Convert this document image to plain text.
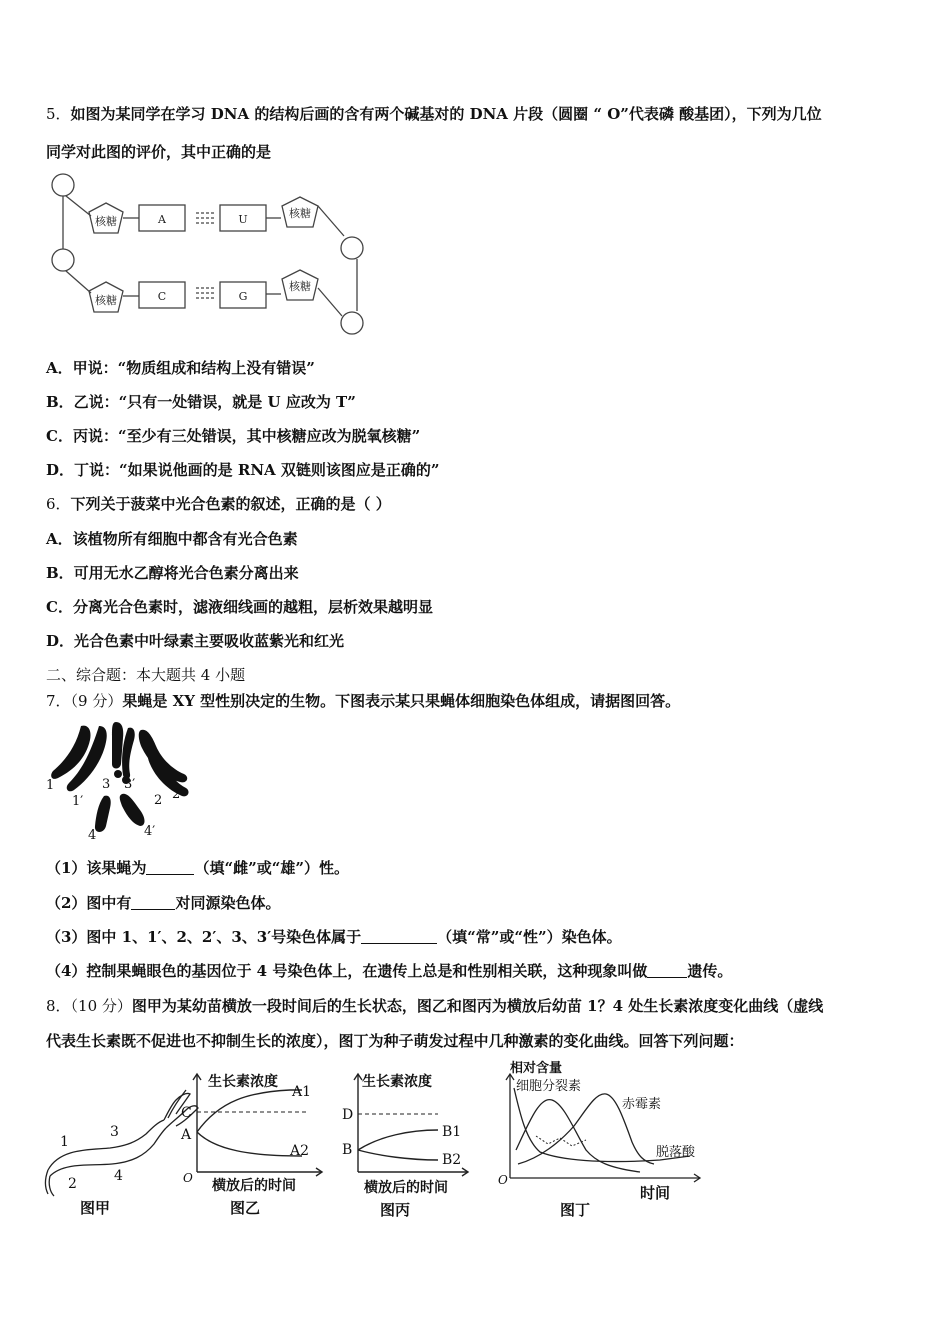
5．如图为某同学在学习 DNA 的结构后画的含有两个碱基对的 DNA 片段（圆圈 “ O”代表磷 酸基团），下列为几位
同学对此图的评价，其中正确的是
核糖	A	U	核糖
核糖	C	G
核糖
A．甲说：“物质组成和结构上没有错误”
B．乙说：“只有一处错误，就是 U 应改为 T”
C．丙说：“至少有三处错误，其中核糖应改为脱氧核糖”
D．丁说：“如果说他画的是 RNA 双链则该图应是正确的”
6．下列关于菠菜中光合色素的叙述，正确的是（ ）
A．该植物所有细胞中都含有光合色素
B．可用无水乙醇将光合色素分离出来
C．分离光合色素时，滤液细线画的越粗，层析效果越明显
D．光合色素中叶绿素主要吸收蓝紫光和红光
二、综合题：本大题共 4 小题
7．（9 分）果蝇是 XY 型性别决定的生物。下图表示某只果蝇体细胞染色体组成，请据图回答。
1
1′
3 3′
2 2′
4	4′
（1）该果蝇为	（填“雌”或“雄”）性。
（2）图中有	对同源染色体。
（3）图中 1、1′、2、2′、3、3′号染色体属于	（填“常”或“性”）染色体。
（4）控制果蝇眼色的基因位于 4 号染色体上，在遗传上总是和性别相关联，这种现象叫做	遗传。
8．（10 分）图甲为某幼苗横放一段时间后的生长状态，图乙和图丙为横放后幼苗 1？4 处生长素浓度变化曲线（虚线
代表生长素既不促进也不抑制生长的浓度），图丁为种子萌发过程中几种激素的变化曲线。回答下列问题：
1
2
3
4
图甲
生长素浓度
C
A
A1
A2
O 横放后的时间
图乙
生长素浓度
D
B
B1
B2
横放后的时间
图丙
相对含量
细胞分裂素
赤霉素
脱落酸
O
时间
图丁
